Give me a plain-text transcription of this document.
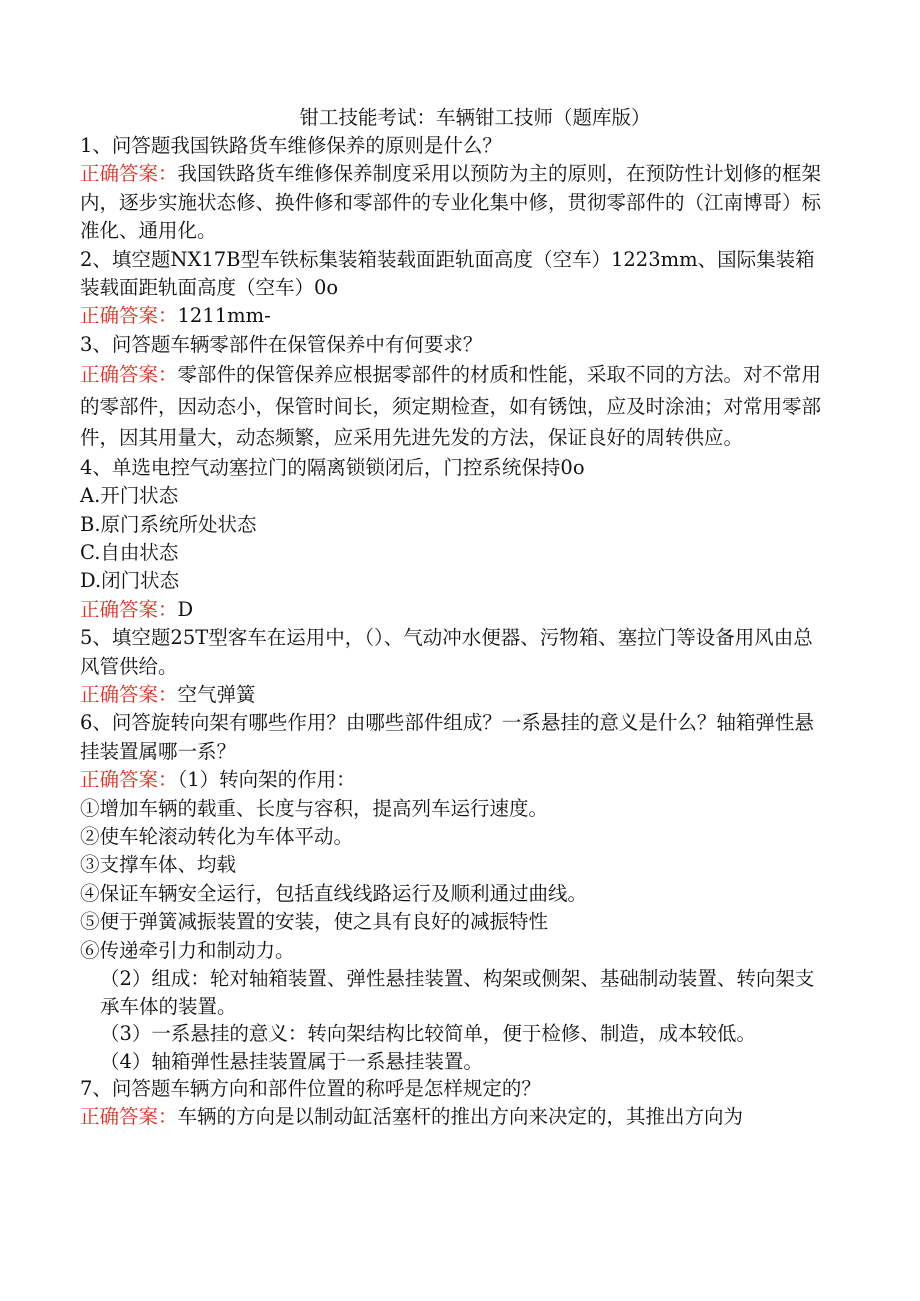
钳工技能考试：车辆钳工技师（题库版）

1、问答题我国铁路货车维修保养的原则是什么？

正确答案：我国铁路货车维修保养制度采用以预防为主的原则，在预防性计划修的框架内，逐步实施状态修、换件修和零部件的专业化集中修，贯彻零部件的（江南博哥）标准化、通用化。

2、填空题NX17B型车铁标集装箱装载面距轨面高度（空车）1223mm、国际集装箱装载面距轨面高度（空车）0o

正确答案：1211mm-

3、问答题车辆零部件在保管保养中有何要求？

正确答案：零部件的保管保养应根据零部件的材质和性能，采取不同的方法。对不常用的零部件，因动态小，保管时间长，须定期检查，如有锈蚀，应及时涂油；对常用零部件，因其用量大，动态频繁，应采用先进先发的方法，保证良好的周转供应。

4、单选电控气动塞拉门的隔离锁锁闭后，门控系统保持0o

A.开门状态

B.原门系统所处状态

C.自由状态

D.闭门状态

正确答案：D

5、填空题25T型客车在运用中，（）、气动冲水便器、污物箱、塞拉门等设备用风由总风管供给。

正确答案：空气弹簧

6、问答旋转向架有哪些作用？由哪些部件组成？一系悬挂的意义是什么？轴箱弹性悬挂装置属哪一系？

正确答案：（1）转向架的作用：

①增加车辆的载重、长度与容积，提高列车运行速度。

②使车轮滚动转化为车体平动。

③支撑车体、均载

④保证车辆安全运行，包括直线线路运行及顺利通过曲线。

⑤便于弹簧减振装置的安装，使之具有良好的减振特性

⑥传递牵引力和制动力。

（2）组成：轮对轴箱装置、弹性悬挂装置、构架或侧架、基础制动装置、转向架支承车体的装置。

（3）一系悬挂的意义：转向架结构比较简单，便于检修、制造，成本较低。

（4）轴箱弹性悬挂装置属于一系悬挂装置。

7、问答题车辆方向和部件位置的称呼是怎样规定的？

正确答案：车辆的方向是以制动缸活塞杆的推出方向来决定的，其推出方向为
